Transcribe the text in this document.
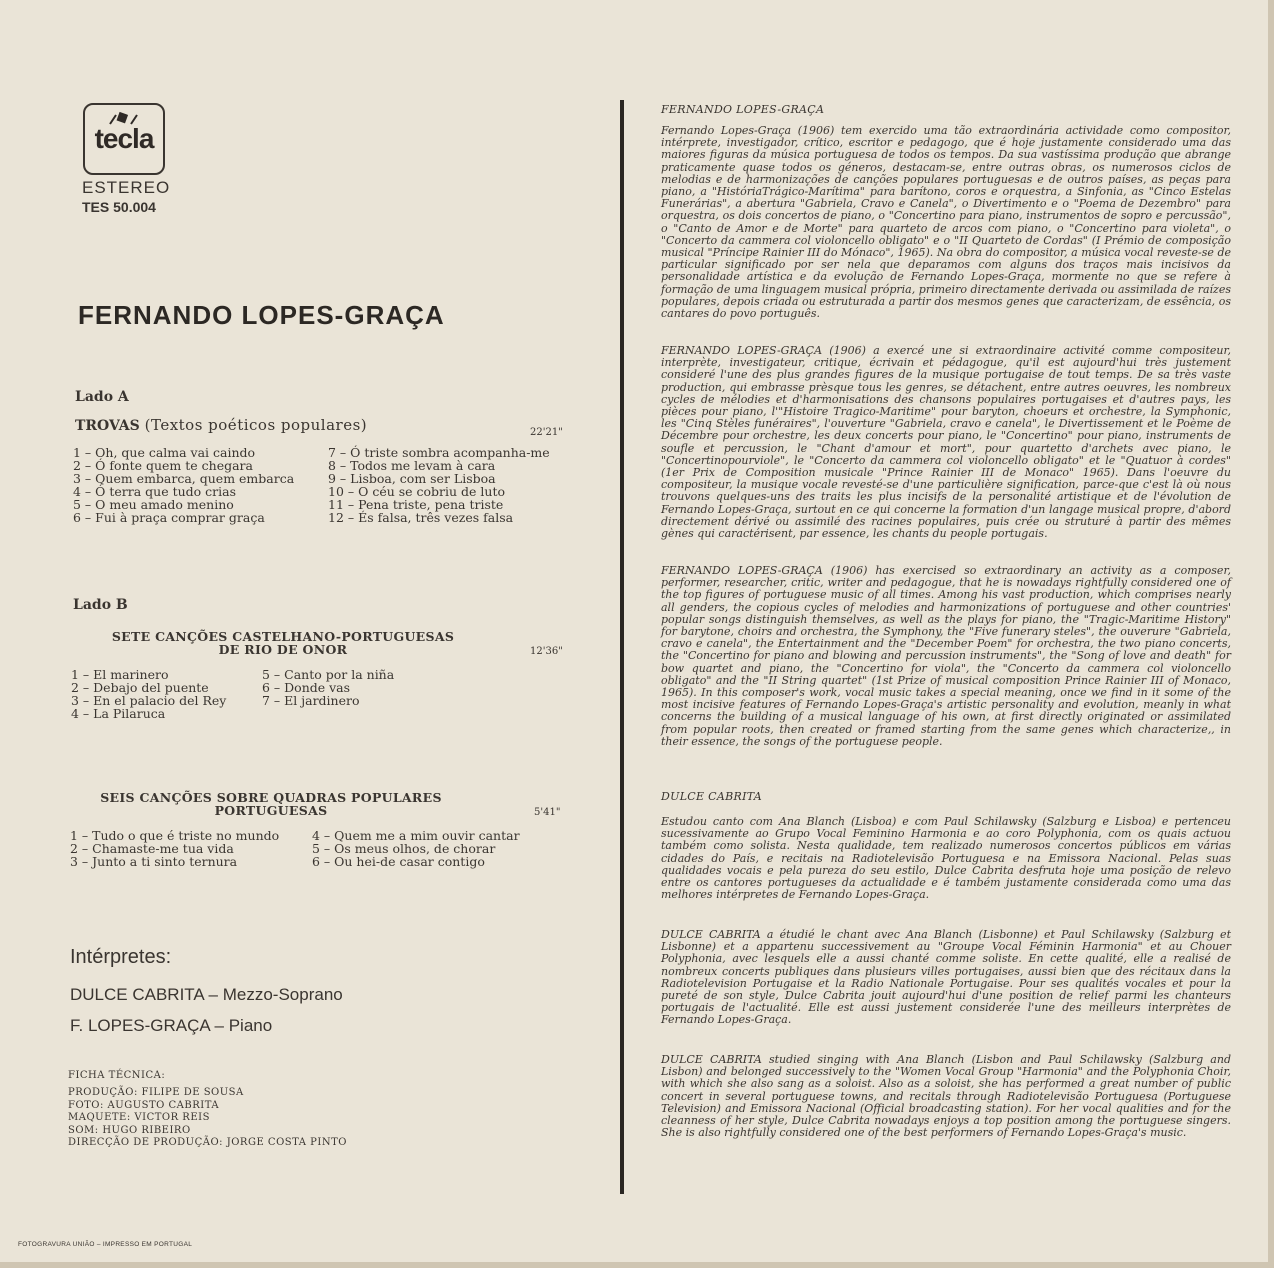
tecla
ESTEREO
TES 50.004
FERNANDO LOPES-GRAÇA
Lado A
TROVAS (Textos poéticos populares)	22'21"
1 – Oh, que calma vai caindo
2 – Ó fonte quem te chegara
3 – Quem embarca, quem embarca
4 – Ó terra que tudo crias
5 – O meu amado menino
6 – Fui à praça comprar graça
7 – Ó triste sombra acompanha-me
8 – Todos me levam à cara
9 – Lisboa, com ser Lisboa
10 – O céu se cobriu de luto
11 – Pena triste, pena triste
12 – És falsa, três vezes falsa
Lado B
SETE CANÇÕES CASTELHANO-PORTUGUESAS
DE RIO DE ONOR	12'36"
1 – El marinero
2 – Debajo del puente
3 – En el palacio del Rey
4 – La Pilaruca
5 – Canto por la niña
6 – Donde vas
7 – El jardinero
SEIS CANÇÕES SOBRE QUADRAS POPULARES
PORTUGUESAS	5'41"
1 – Tudo o que é triste no mundo
2 – Chamaste-me tua vida
3 – Junto a ti sinto ternura
4 – Quem me a mim ouvir cantar
5 – Os meus olhos, de chorar
6 – Ou hei-de casar contigo
Intérpretes:
DULCE CABRITA – Mezzo-Soprano
F. LOPES-GRAÇA – Piano
FICHA TÉCNICA:
PRODUÇÃO: FILIPE DE SOUSA
FOTO: AUGUSTO CABRITA
MAQUETE: VICTOR REIS
SOM: HUGO RIBEIRO
DIRECÇÃO DE PRODUÇÃO: JORGE COSTA PINTO
FOTOGRAVURA UNIÃO – IMPRESSO EM PORTUGAL
FERNANDO LOPES-GRAÇA
Fernando Lopes-Graça (1906) tem exercido uma tão extraordinária actividade como compositor, intérprete, investigador, crítico, escritor e pedagogo, que é hoje justamente considerado uma das maiores figuras da música portuguesa de todos os tempos. Da sua vastíssima produção que abrange praticamente quase todos os géneros, destacam-se, entre outras obras, os numerosos ciclos de melodias e de harmonizações de canções populares portuguesas e de outros países, as peças para piano, a "HistóriaTrágico-Marítima" para barítono, coros e orquestra, a Sinfonia, as "Cinco Estelas Funerárias", a abertura "Gabriela, Cravo e Canela", o Divertimento e o "Poema de Dezembro" para orquestra, os dois concertos de piano, o "Concertino para piano, instrumentos de sopro e percussão", o "Canto de Amor e de Morte" para quarteto de arcos com piano, o "Concertino para violeta", o "Concerto da cammera col violoncello obligato" e o "II Quarteto de Cordas" (I Prémio de composição musical "Príncipe Rainier III do Mónaco", 1965). Na obra do compositor, a música vocal reveste-se de particular significado por ser nela que deparamos com alguns dos traços mais incisivos da personalidade artística e da evolução de Fernando Lopes-Graça, mormente no que se refere à formação de uma linguagem musical própria, primeiro directamente derivada ou assimilada de raízes populares, depois criada ou estruturada a partir dos mesmos genes que caracterizam, de essência, os cantares do povo português.
FERNANDO LOPES-GRAÇA (1906) a exercé une si extraordinaire activité comme compositeur, interprète, investigateur, critique, écrivain et pédagogue, qu'il est aujourd'hui très justement consideré l'une des plus grandes figures de la musique portugaise de tout temps. De sa très vaste production, qui embrasse prèsque tous les genres, se détachent, entre autres oeuvres, les nombreux cycles de mélodies et d'harmonisations des chansons populaires portugaises et d'autres pays, les pièces pour piano, l'"Histoire Tragico-Maritime" pour baryton, choeurs et orchestre, la Symphonic, les "Cinq Stèles funéraires", l'ouverture "Gabriela, cravo e canela", le Divertissement et le Poème de Décembre pour orchestre, les deux concerts pour piano, le "Concertino" pour piano, instruments de soufle et percussion, le "Chant d'amour et mort", pour quartetto d'archets avec piano, le "Concertinopourviole", le "Concerto da cammera col violoncello obligato" et le "Quatuor à cordes" (1er Prix de Composition musicale "Prince Rainier III de Monaco" 1965). Dans l'oeuvre du compositeur, la musique vocale revesté-se d'une particulière signification, parce-que c'est là où nous trouvons quelques-uns des traits les plus incisifs de la personalité artistique et de l'évolution de Fernando Lopes-Graça, surtout en ce qui concerne la formation d'un langage musical propre, d'abord directement dérivé ou assimilé des racines populaires, puis crée ou struturé à partir des mêmes gènes qui caractérisent, par essence, les chants du people portugais.
FERNANDO LOPES-GRAÇA (1906) has exercised so extraordinary an activity as a composer, performer, researcher, critic, writer and pedagogue, that he is nowadays rightfully considered one of the top figures of portuguese music of all times. Among his vast production, which comprises nearly all genders, the copious cycles of melodies and harmonizations of portuguese and other countries' popular songs distinguish themselves, as well as the plays for piano, the "Tragic-Maritime History" for barytone, choirs and orchestra, the Symphony, the "Five funerary steles", the ouverure "Gabriela, cravo e canela", the Entertainment and the "December Poem" for orchestra, the two piano concerts, the "Concertino for piano and blowing and percussion instruments", the "Song of love and death" for bow quartet and piano, the "Concertino for viola", the "Concerto da cammera col violoncello obligato" and the "II String quartet" (1st Prize of musical composition Prince Rainier III of Monaco, 1965). In this composer's work, vocal music takes a special meaning, once we find in it some of the most incisive features of Fernando Lopes-Graça's artistic personality and evolution, meanly in what concerns the building of a musical language of his own, at first directly originated or assimilated from popular roots, then created or framed starting from the same genes which characterize,, in their essence, the songs of the portuguese people.
DULCE CABRITA
Estudou canto com Ana Blanch (Lisboa) e com Paul Schilawsky (Salzburg e Lisboa) e pertenceu sucessivamente ao Grupo Vocal Feminino Harmonia e ao coro Polyphonia, com os quais actuou também como solista. Nesta qualidade, tem realizado numerosos concertos públicos em várias cidades do País, e recitais na Radiotelevisão Portuguesa e na Emissora Nacional. Pelas suas qualidades vocais e pela pureza do seu estilo, Dulce Cabrita desfruta hoje uma posição de relevo entre os cantores portugueses da actualidade e é também justamente considerada como uma das melhores intérpretes de Fernando Lopes-Graça.
DULCE CABRITA a étudié le chant avec Ana Blanch (Lisbonne) et Paul Schilawsky (Salzburg et Lisbonne) et a appartenu successivement au "Groupe Vocal Féminin Harmonia" et au Chouer Polyphonia, avec lesquels elle a aussi chanté comme soliste. En cette qualité, elle a realisé de nombreux concerts publiques dans plusieurs villes portugaises, aussi bien que des récitaux dans la Radiotelevision Portugaise et la Radio Nationale Portugaise. Pour ses qualités vocales et pour la pureté de son style, Dulce Cabrita jouit aujourd'hui d'une position de relief parmi les chanteurs portugais de l'actualité. Elle est aussi justement considerée l'une des meilleurs interprètes de Fernando Lopes-Graça.
DULCE CABRITA studied singing with Ana Blanch (Lisbon and Paul Schilawsky (Salzburg and Lisbon) and belonged successively to the "Women Vocal Group "Harmonia" and the Polyphonia Choir, with which she also sang as a soloist. Also as a soloist, she has performed a great number of public concert in several portuguese towns, and recitals through Radiotelevisão Portuguesa (Portuguese Television) and Emissora Nacional (Official broadcasting station). For her vocal qualities and for the cleanness of her style, Dulce Cabrita nowadays enjoys a top position among the portuguese singers. She is also rightfully considered one of the best performers of Fernando Lopes-Graça's music.
